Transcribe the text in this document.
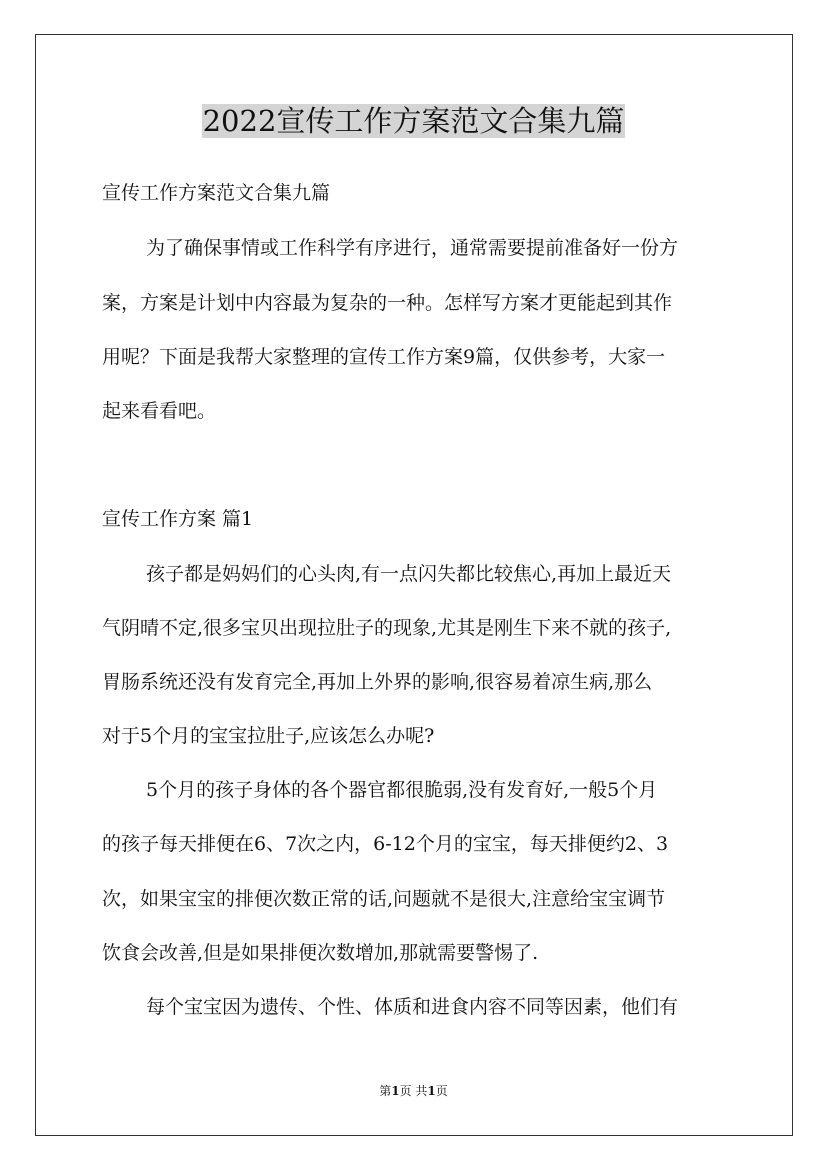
2022宣传工作方案范文合集九篇

宣传工作方案范文合集九篇

为了确保事情或工作科学有序进行，通常需要提前准备好一份方

案，方案是计划中内容最为复杂的一种。怎样写方案才更能起到其作

用呢？下面是我帮大家整理的宣传工作方案9篇，仅供参考，大家一

起来看看吧。

宣传工作方案 篇1

孩子都是妈妈们的心头肉,有一点闪失都比较焦心,再加上最近天

气阴晴不定,很多宝贝出现拉肚子的现象,尤其是刚生下来不就的孩子,

胃肠系统还没有发育完全,再加上外界的影响,很容易着凉生病,那么

对于5个月的宝宝拉肚子,应该怎么办呢?

5个月的孩子身体的各个器官都很脆弱,没有发育好,一般5个月

的孩子每天排便在6、7次之内，6-12个月的宝宝，每天排便约2、3

次，如果宝宝的排便次数正常的话,问题就不是很大,注意给宝宝调节

饮食会改善,但是如果排便次数增加,那就需要警惕了.

每个宝宝因为遗传、个性、体质和进食内容不同等因素，他们有

第1页 共1页
